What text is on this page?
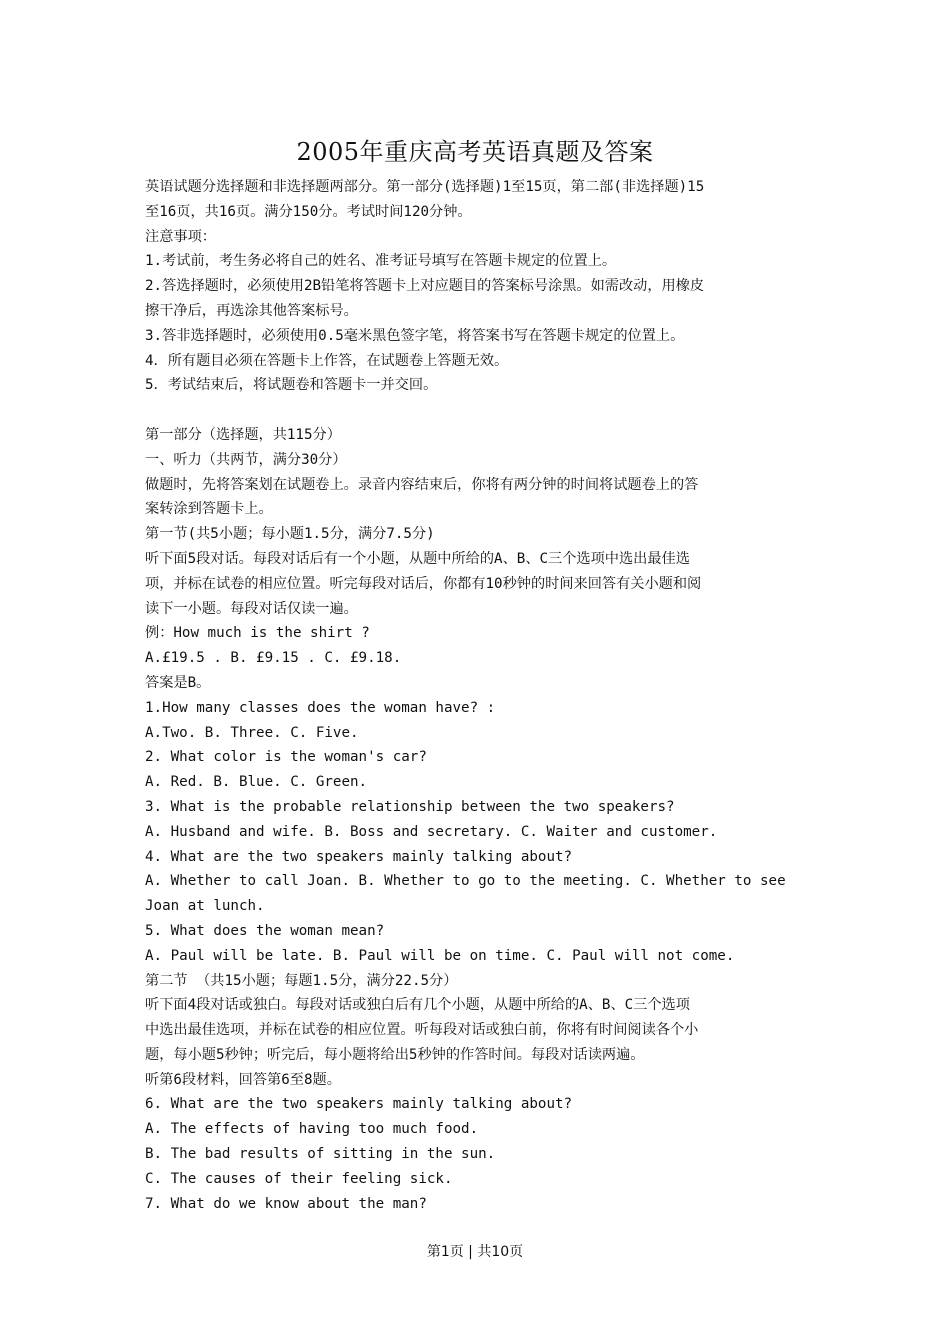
2005年重庆高考英语真题及答案
英语试题分选择题和非选择题两部分。第一部分(选择题)1至15页，第二部(非选择题)15
至16页，共16页。满分150分。考试时间120分钟。
注意事项：
1.考试前，考生务必将自己的姓名、准考证号填写在答题卡规定的位置上。
2.答选择题时，必须使用2B铅笔将答题卡上对应题目的答案标号涂黑。如需改动，用橡皮
擦干净后，再选涂其他答案标号。
3.答非选择题时，必须使用0.5毫米黑色签字笔，将答案书写在答题卡规定的位置上。
4．所有题目必须在答题卡上作答，在试题卷上答题无效。
5．考试结束后，将试题卷和答题卡一并交回。
第一部分（选择题，共115分）
一、听力（共两节，满分30分）
做题时，先将答案划在试题卷上。录音内容结束后，你将有两分钟的时间将试题卷上的答
案转涂到答题卡上。
第一节(共5小题；每小题1.5分，满分7.5分)
听下面5段对话。每段对话后有一个小题，从题中所给的A、B、C三个选项中选出最佳选
项，并标在试卷的相应位置。听完每段对话后，你都有10秒钟的时间来回答有关小题和阅
读下一小题。每段对话仅读一遍。
例：How much is the shirt ?
A.£19.5 . B. £9.15 . C. £9.18.
答案是B。
1.How many classes does the woman have? :
A.Two. B. Three. C. Five.
2. What color is the woman's car?
A. Red. B. Blue. C. Green.
3. What is the probable relationship between the two speakers?
A. Husband and wife. B. Boss and secretary. C. Waiter and customer.
4. What are the two speakers mainly talking about?
A. Whether to call Joan. B. Whether to go to the meeting. C. Whether to see
Joan at lunch.
5. What does the woman mean?
A. Paul will be late. B. Paul will be on time. C. Paul will not come.
第二节 （共15小题；每题1.5分，满分22.5分）
听下面4段对话或独白。每段对话或独白后有几个小题，从题中所给的A、B、C三个选项
中选出最佳选项，并标在试卷的相应位置。听每段对话或独白前，你将有时间阅读各个小
题，每小题5秒钟；听完后，每小题将给出5秒钟的作答时间。每段对话读两遍。
听第6段材料，回答第6至8题。
6. What are the two speakers mainly talking about?
A. The effects of having too much food.
B. The bad results of sitting in the sun.
C. The causes of their feeling sick.
7. What do we know about the man?
第1页 | 共10页
